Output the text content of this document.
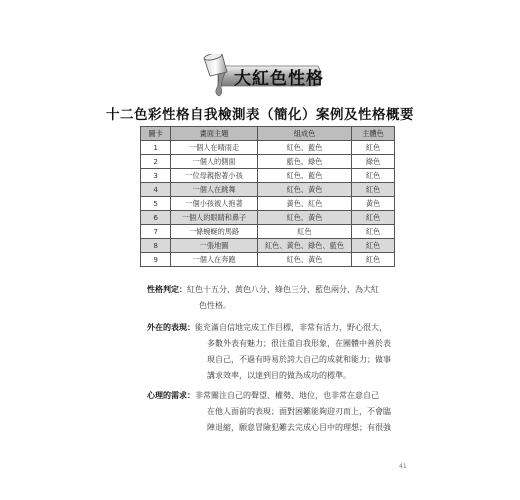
大紅色性格
十二色彩性格自我檢測表（簡化）案例及性格概要
圖卡	畫面主題	組成色	主體色
1	一個人在晴雨走	紅色、藍色	紅色
2	一個人的側面	藍色、綠色	綠色
3	一位母親抱著小孩	紅色、藍色	紅色
4	一個人在跳舞	紅色、黃色	紅色
5	一個小孩被人抱著	黃色、紅色	黃色
6	一個人的眼睛和鼻子	紅色、黃色	紅色
7	一條蜿蜒的馬路	紅色	紅色
8	一張地圖	紅色、黃色、綠色、藍色	紅色
9	一個人在奔跑	紅色、黃色	紅色
性格判定：紅色十五分，黃色八分，綠色三分，藍色兩分，為大紅
色性格。
外在的表現：能充滿自信地完成工作目標，非常有活力，野心很大，
多數外表有魅力；很注重自我形象，在團體中善於表
現自己，不過有時易於誇大自己的成就和能力；做事
講求效率，以達到目的做為成功的標準。
心理的需求：非常關注自己的聲望、權勢、地位，也非常在意自己
在他人面前的表現；面對困難能夠迎刃而上，不會臨
陣退縮，願意冒險犯難去完成心目中的理想；有很強
41
